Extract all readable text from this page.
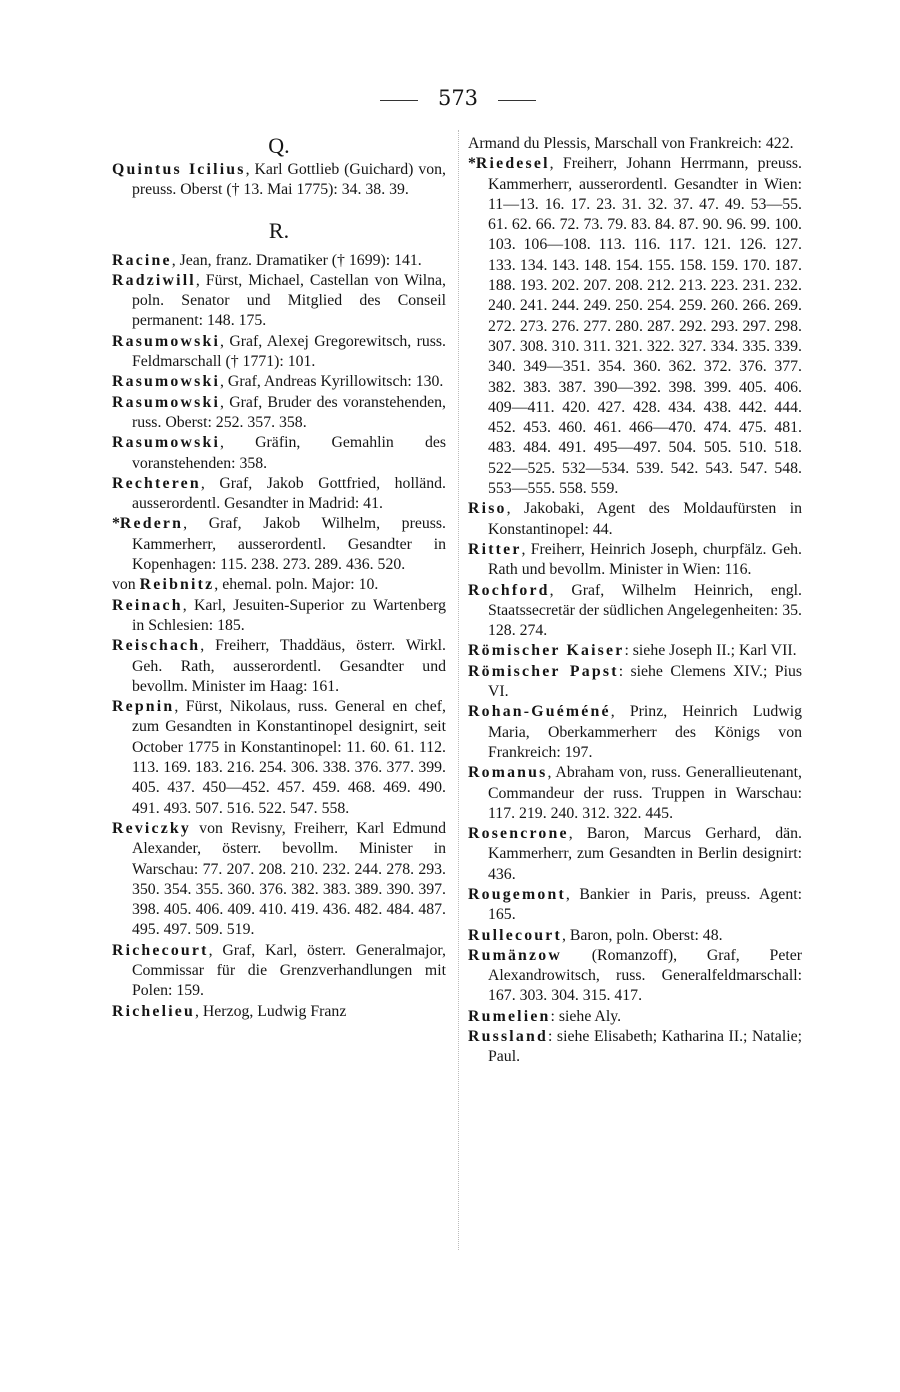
573

Q.

Quintus Icilius, Karl Gottlieb (Guichard) von, preuss. Oberst († 13. Mai 1775): 34. 38. 39.

R.

Racine, Jean, franz. Dramatiker († 1699): 141.

Radziwill, Fürst, Michael, Castellan von Wilna, poln. Senator und Mitglied des Conseil permanent: 148. 175.

Rasumowski, Graf, Alexej Gregorewitsch, russ. Feldmarschall († 1771): 101.

Rasumowski, Graf, Andreas Kyrillowitsch: 130.

Rasumowski, Graf, Bruder des voranstehenden, russ. Oberst: 252. 357. 358.

Rasumowski, Gräfin, Gemahlin des voranstehenden: 358.

Rechteren, Graf, Jakob Gottfried, holländ. ausserordentl. Gesandter in Madrid: 41.

*Redern, Graf, Jakob Wilhelm, preuss. Kammerherr, ausserordentl. Gesandter in Kopenhagen: 115. 238. 273. 289. 436. 520.

von Reibnitz, ehemal. poln. Major: 10.

Reinach, Karl, Jesuiten-Superior zu Wartenberg in Schlesien: 185.

Reischach, Freiherr, Thaddäus, österr. Wirkl. Geh. Rath, ausserordentl. Gesandter und bevollm. Minister im Haag: 161.

Repnin, Fürst, Nikolaus, russ. General en chef, zum Gesandten in Konstantinopel designirt, seit October 1775 in Konstantinopel: 11. 60. 61. 112. 113. 169. 183. 216. 254. 306. 338. 376. 377. 399. 405. 437. 450—452. 457. 459. 468. 469. 490. 491. 493. 507. 516. 522. 547. 558.

Reviczky von Revisny, Freiherr, Karl Edmund Alexander, österr. bevollm. Minister in Warschau: 77. 207. 208. 210. 232. 244. 278. 293. 350. 354. 355. 360. 376. 382. 383. 389. 390. 397. 398. 405. 406. 409. 410. 419. 436. 482. 484. 487. 495. 497. 509. 519.

Richecourt, Graf, Karl, österr. Generalmajor, Commissar für die Grenzverhandlungen mit Polen: 159.

Richelieu, Herzog, Ludwig Franz

Armand du Plessis, Marschall von Frankreich: 422.

*Riedesel, Freiherr, Johann Herrmann, preuss. Kammerherr, ausserordentl. Gesandter in Wien: 11—13. 16. 17. 23. 31. 32. 37. 47. 49. 53—55. 61. 62. 66. 72. 73. 79. 83. 84. 87. 90. 96. 99. 100. 103. 106—108. 113. 116. 117. 121. 126. 127. 133. 134. 143. 148. 154. 155. 158. 159. 170. 187. 188. 193. 202. 207. 208. 212. 213. 223. 231. 232. 240. 241. 244. 249. 250. 254. 259. 260. 266. 269. 272. 273. 276. 277. 280. 287. 292. 293. 297. 298. 307. 308. 310. 311. 321. 322. 327. 334. 335. 339. 340. 349—351. 354. 360. 362. 372. 376. 377. 382. 383. 387. 390—392. 398. 399. 405. 406. 409—411. 420. 427. 428. 434. 438. 442. 444. 452. 453. 460. 461. 466—470. 474. 475. 481. 483. 484. 491. 495—497. 504. 505. 510. 518. 522—525. 532—534. 539. 542. 543. 547. 548. 553—555. 558. 559.

Riso, Jakobaki, Agent des Moldaufürsten in Konstantinopel: 44.

Ritter, Freiherr, Heinrich Joseph, churpfälz. Geh. Rath und bevollm. Minister in Wien: 116.

Rochford, Graf, Wilhelm Heinrich, engl. Staatssecretär der südlichen Angelegenheiten: 35. 128. 274.

Römischer Kaiser: siehe Joseph II.; Karl VII.

Römischer Papst: siehe Clemens XIV.; Pius VI.

Rohan-Guéméné, Prinz, Heinrich Ludwig Maria, Oberkammerherr des Königs von Frankreich: 197.

Romanus, Abraham von, russ. Generallieutenant, Commandeur der russ. Truppen in Warschau: 117. 219. 240. 312. 322. 445.

Rosencrone, Baron, Marcus Gerhard, dän. Kammerherr, zum Gesandten in Berlin designirt: 436.

Rougemont, Bankier in Paris, preuss. Agent: 165.

Rullecourt, Baron, poln. Oberst: 48.

Rumänzow (Romanzoff), Graf, Peter Alexandrowitsch, russ. Generalfeldmarschall: 167. 303. 304. 315. 417.

Rumelien: siehe Aly.

Russland: siehe Elisabeth; Katharina II.; Natalie; Paul.
